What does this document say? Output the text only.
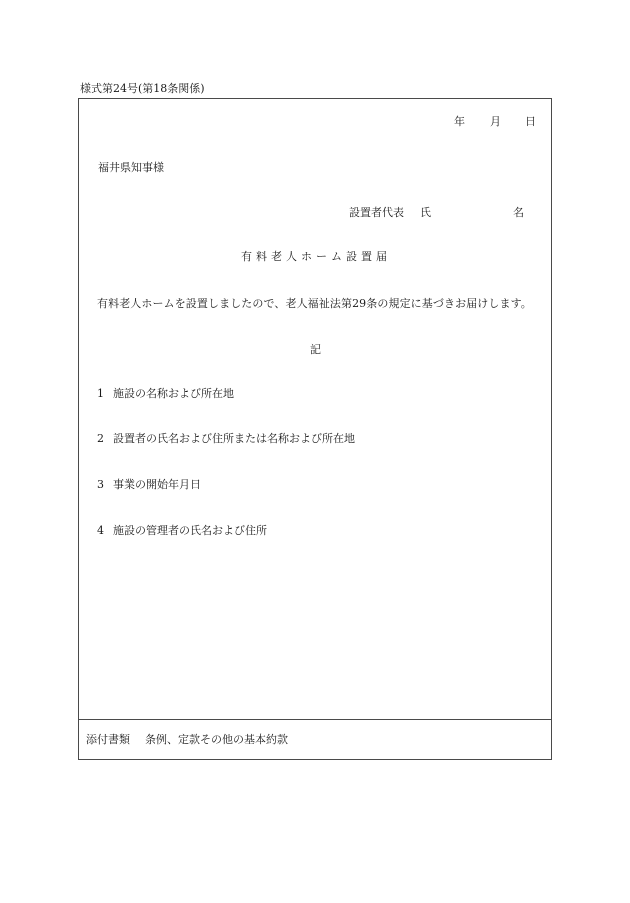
様式第24号(第18条関係)
年 月 日
福井県知事様
設置者代表 氏	名
有料老人ホーム設置届
有料老人ホームを設置しましたので、老人福祉法第29条の規定に基づきお届けします。
記
1 施設の名称および所在地
2 設置者の氏名および住所または名称および所在地
3 事業の開始年月日
4 施設の管理者の氏名および住所
添付書類 条例、定款その他の基本約款
